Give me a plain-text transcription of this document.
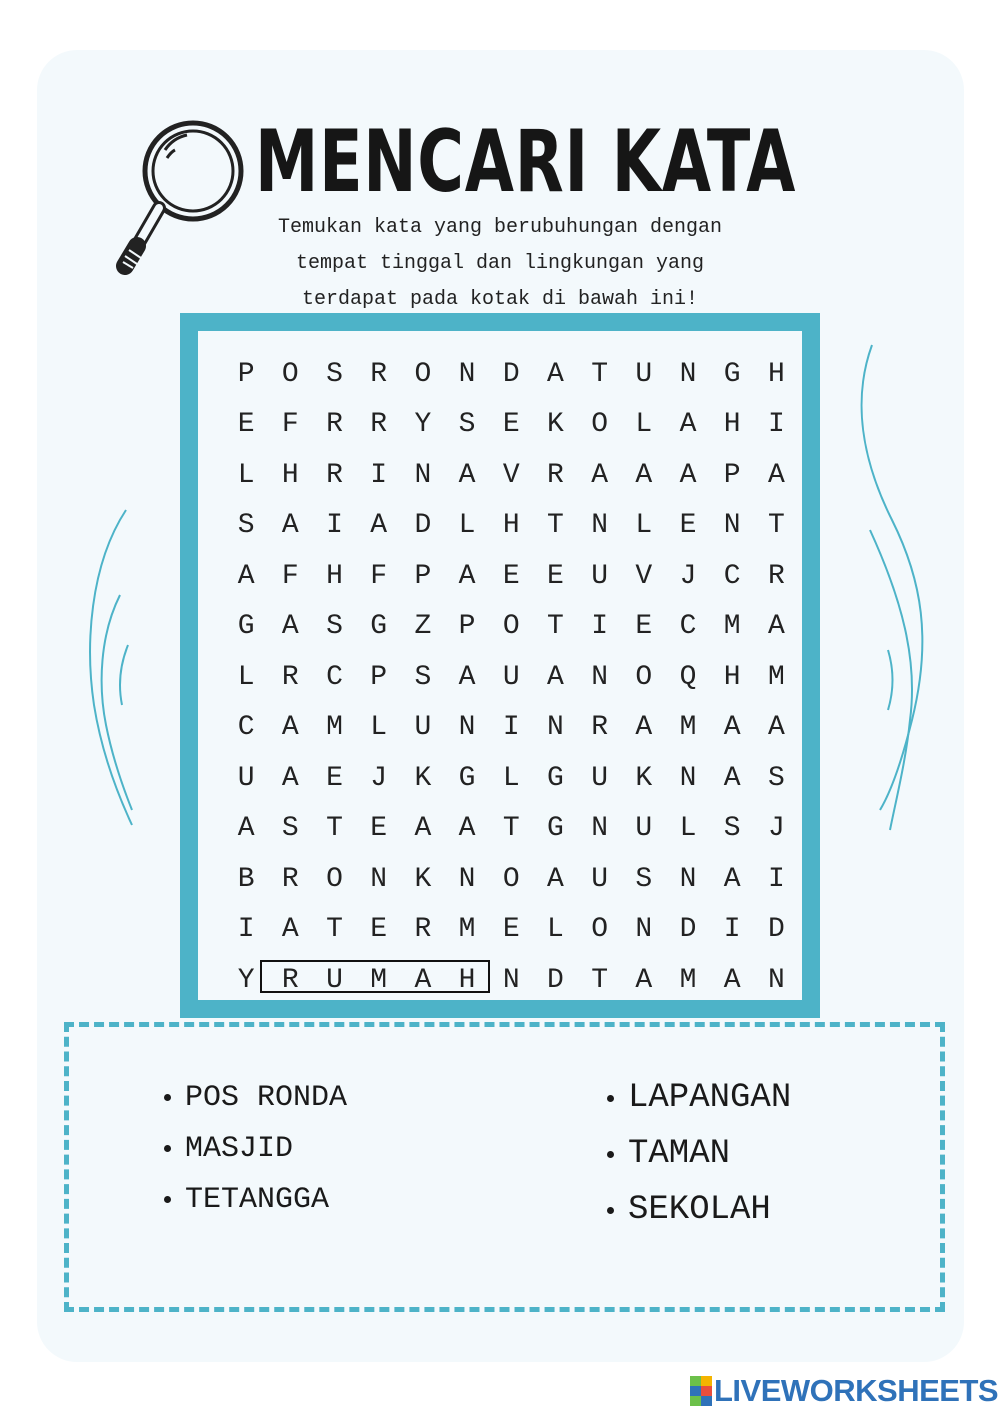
MENCARI KATA
Temukan kata yang berubuhungan dengan
tempat tinggal dan lingkungan yang
terdapat pada kotak di bawah ini!
P O S R O N D A T U N G H
E F R R Y S E K O L A H I
L H R I N A V R A A A P A
S A I A D L H T N L E N T
A F H F P A E E U V J C R
G A S G Z P O T I E C M A
L R C P S A U A N O Q H M
C A M L U N I N R A M A A
U A E J K G L G U K N A S
A S T E A A T G N U L S J
B R O N K N O A U S N A I
I A T E R M E L O N D I D
Y R U M A H N D T A M A N
POS RONDA
MASJID
TETANGGA
LAPANGAN
TAMAN
SEKOLAH
LIVEWORKSHEETS
